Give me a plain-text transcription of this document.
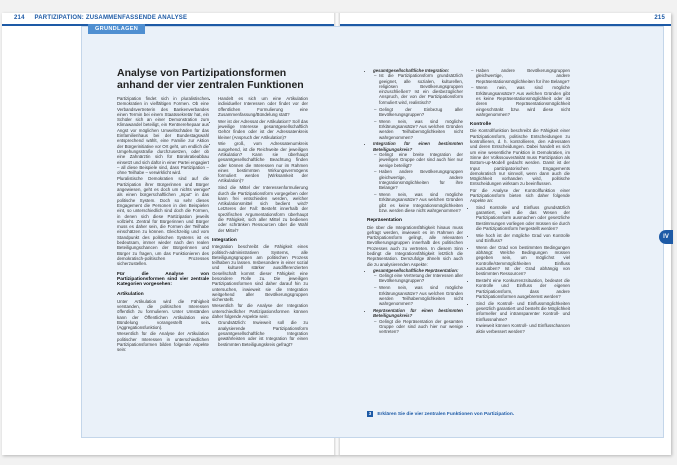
214 PARTIZIPATION: ZUSAMMENFASSENDE ANALYSE	215
GRUNDLAGEN
Analyse von Partizipationsformen anhand der vier zentralen Funktionen

Partizipation findet sich in pluralistischen Demokratien in vielfältigen Formen. Ob eine Verbandsvertreterin des Bankenverbandes einen Termin bei einem Staatssekretär hat, ein Schüler sich an einer Demonstration zum Klimawandel beteiligt, ein Rentnerehepaar aus Angst vor möglichen Umweltschäden für das Einfamilienhaus bei der Bundestagswahl entsprechend wählt, eine Familie zur Aktion der Bürgerinitiative vor Ort geht, um endlich die Umgehungsstraße durchzusetzen, oder ob eine Zahnärztin sich für Bürokratieabbau einsetzt und sich dafür in einer Partei engagiert – all diese Beispiele sind, dass Partizipation – ohne Teilhabe – verwirklicht wird.

Pluralistische Demokratien sind auf die Partizipation ihrer Bürgerinnen und Bürger angewiesen, geht es doch um nichts weniger als einen bürgerschaftlichen „Input“ in das politische System. Doch so sehr dieses Engagement die Personen in den Beispielen eint, so unterschiedlich sind doch die Formen, in denen sich diese Partizipation jeweils vollzieht. Zentral für Bürgerinnen und Bürger muss es daher sein, die Formen der Teilhabe einschätzen zu können. Gleichzeitig und vom Standpunkt des politischen Systems ist es bedeutsam, immer wieder nach den realen Beteiligungschancen der Bürgerinnen und Bürger zu fragen, um das Funktionieren des demokratisch-politischen Prozesses sicherzustellen.

Für die Analyse von Partizipationsformen sind vier zentrale Kategorien vorgesehen:

Artikulation

Unter Artikulation wird die Fähigkeit verstanden, die politischen Interessen öffentlich zu formulieren. Unter Umständen kann der Öffentlichen Artikulation eine Bündelung vorangestellt sein (Aggregationsfunktion).

Wesentlich für die Analyse der Artikulation politischer Interessen in unterschiedlichen Partizipationsformen bilden folgende Aspekte sein:

• Handelt es sich um eine Artikulation individueller Interessen oder findet vor der öffentlichen Formulierung eine Zusammenfassung/Bündelung statt?
• Wer ist der Adressat der Artikulation? Soll das jeweilige Interesse gesamtgesellschaftlich Gehör finden oder ist der Adressatenkreis kleiner (Anspruch der Artikulation)?
• Wie groß, vom Adressatenumkreis ausgehend, ist die Reichweite der jeweiligen Artikulation? Kann sie überhaupt gesamtgesellschaftliche Beachtung finden oder können die Interessen nur im Rahmen eines bestimmten Wirkungsvermögens formuliert werden (Wirksamkeit der Artikulation)?
• Sind die Mittel der Interessenformulierung durch die Partizipationsform vorgegeben oder kann frei entschieden werden, welcher Artikulationsmittel sich bedient wird? Letzteres der Fall: Besteht innerhalb der spezifischen Argumentationsform überhaupt die Fähigkeit, sich aller Mittel zu bedienen oder schränken Ressourcen über die Wahl der Mittel?

Integration

Integration beschreibt die Fähigkeit eines politisch-administrativen Systems, alle Beteiligungsgruppen am politischen Prozess teilhaben zu lassen. Insbesondere in einer sozial und kulturell stärker ausdifferenzierten Gesellschaft kommt dieser Fähigkeit eine besondere Rolle zu. Die jeweiligen Partizipationsformen sind daher darauf hin zu untersuchen, inwieweit sie die Integration weitgehend aller Bevölkerungsgruppen sicherstellt.

Wesentlich für die Analyse der Integration unterschiedlicher Partizipationsformen können daher folgende Aspekte sein:

• Grundsätzlich: Inwieweit soll die zu analysierende Partizipationsform gesamtgesellschaftliche Integration gewährleisten oder ist Integration für einen bestimmten Beteiligungskreis gefragt?
• gesamtgesellschaftliche Integration:
– Ist die Partizipationsform grundsätzlich geeignet, alle sozialen, kulturellen, religiösen Bevölkerungsgruppen einzuschließen? Ist ein diesbezüglicher Anspruch, der von der Partizipationsform formuliert wird, realistisch?
– Gelingt der Einbezug aller Bevölkerungsgruppen?
– Wenn nein, was sind mögliche Erklärungsansätze? Aus welchen Gründen werden Teilhabemöglichkeiten nicht wahrgenommen?
• Integration für einen bestimmten Beteiligungskreis?
– Gelingt eine breite Integration der jeweiligen Gruppe oder sind auch hier nur wenige beteiligt?
– Haben andere Bevölkerungsgruppen gleichwertige, andere Integrationsmöglichkeiten für ihre Belange?
– Wenn nein, was sind mögliche Erklärungsansätze? Aus welchen Gründen gibt es keine Integrationsmöglichkeiten bzw. werden diese nicht wahrgenommen?

Repräsentation

Die über die Integrationsfähigkeit hinaus muss gefragt werden, inwieweit es im Rahmen der Partizipationsform gelingt, alle relevanten Bevölkerungsgruppen innerhalb des politischen Prozesses auch zu vertreten. In diesem Sinn bedingt die Integrationsfähigkeit letztlich die Repräsentation. Demzufolge ähneln sich auch die zu analysierenden Aspekte:

• gesamtgesellschaftliche Repräsentation:
– Gelingt eine Vertretung der Interessen aller Bevölkerungsgruppen?
– Wenn nein, was sind mögliche Erklärungsansätze? Aus welchen Gründen werden Teilhabemöglichkeiten nicht wahrgenommen?
• Repräsentation für einen bestimmten Beteiligungskreis?
– Gelingt die Repräsentation der gesamten Gruppe oder sind auch hier nur wenige vertreten?
– Haben andere Bevölkerungsgruppen gleichwertige, andere Repräsentationsmöglichkeiten für ihre Belange?
– Wenn nein, was sind mögliche Erklärungsansätze? Aus welchen Gründen gibt es keine Repräsentationsmöglichkeit oder ist deren Repräsentationsmöglichkeit eingeschränkt bzw. wird diese nicht wahrgenommen?

Kontrolle

Die Kontrollfunktion beschreibt die Fähigkeit einer Partizipationsform, politische Entscheidungen zu kontrollieren, d. h. kontrollieren, den Adressaten und deren Entscheidungen. Dabei handelt es sich um eine wesentliche Funktion in Demokratien, im Sinne der Volkssouveränität muss Partizipation als Bottom-up-Modell gedacht werden. Damit ist der Input partizipatorischen Engagements demokratisch nur sinnvoll, wenn dann auch die Möglichkeit vorhanden wird, politische Entscheidungen wirksam zu beeinflussen.

Für die Analyse der Kontrollfunktion einer Partizipationsform bieten sich daher folgende Aspekte an:

• Sind Kontrolle und Einfluss grundsätzlich garantiert, weil die das Wesen der Partizipationsform ausmachen oder gesetzliche Bestimmungen vorliegen oder müssen sie durch die Partizipationsform hergestellt werden?
• Wie hoch ist der mögliche Grad von Kontrolle und Einfluss?
• Wenn der Grad von bestimmten Bedingungen abhängt: Welche Bedingungen müssen gegeben sein, um möglichst viel Kontrolle/stemmöglichkeiten Einfluss auszuüben? Ist der Grad abhängig von bestimmten Ressourcen?
• Besteht eine Konkurrenzsituation, bedeutet die Kontrolle und Einfluss der eigenen Partizipationsform, dass andere Partizipationsformen ausgebremst werden?
• Sind die Kontroll- und Einflussmöglichkeiten gesetzlich garantiert und besteht die Möglichkeit informeller und intransparenter Kontroll- und Einflussnahme?
• Inwieweit können Kontroll- und Einflusschancen aktiv verbessert werden?
3 Erklären Sie die vier zentralen Funktionen von Partizipation.
IV
